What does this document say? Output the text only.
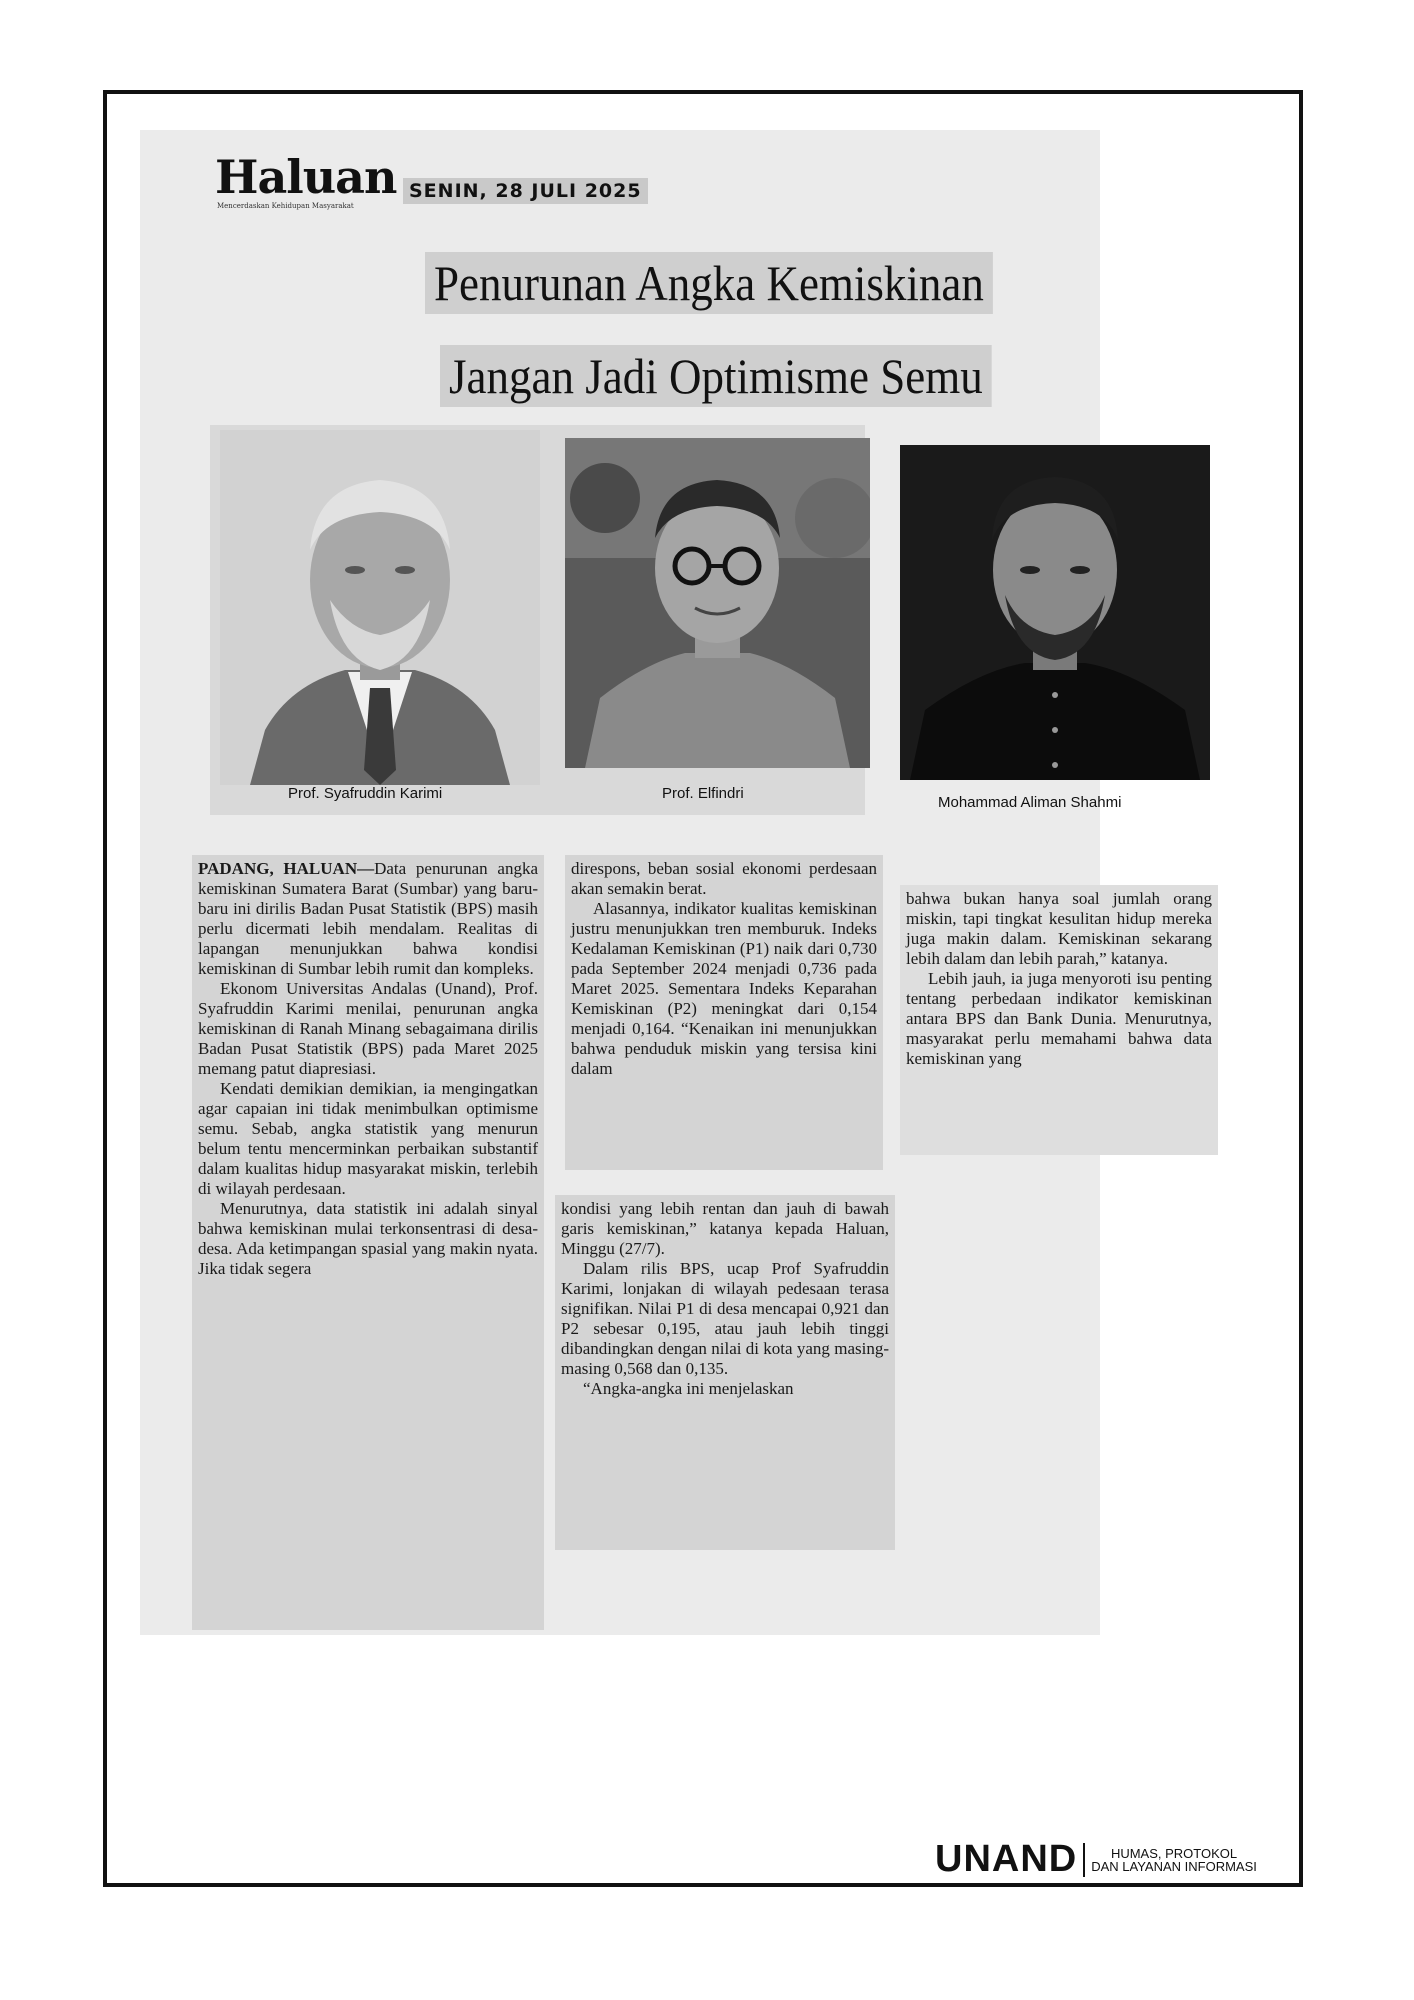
Haluan
Mencerdaskan Kehidupan Masyarakat
SENIN, 28 JULI 2025
Penurunan Angka Kemiskinan
Jangan Jadi Optimisme Semu
Prof. Syafruddin Karimi	Prof. Elfindri
Mohammad Aliman Shahmi

PADANG, HALUAN—Data penurunan angka kemiskinan Sumatera Barat (Sumbar) yang baru-baru ini dirilis Badan Pusat Statistik (BPS) masih perlu dicermati lebih mendalam. Realitas di lapangan menunjukkan bahwa kondisi kemiskinan di Sumbar lebih rumit dan kompleks.

Ekonom Universitas Andalas (Unand), Prof. Syafruddin Karimi menilai, penurunan angka kemiskinan di Ranah Minang sebagaimana dirilis Badan Pusat Statistik (BPS) pada Maret 2025 memang patut diapresiasi.

Kendati demikian demikian, ia mengingatkan agar capaian ini tidak menimbulkan optimisme semu. Sebab, angka statistik yang menurun belum tentu mencerminkan perbaikan substantif dalam kualitas hidup masyarakat miskin, terlebih di wilayah perdesaan.

Menurutnya, data statistik ini adalah sinyal bahwa kemiskinan mulai terkonsentrasi di desa-desa. Ada ketimpangan spasial yang makin nyata. Jika tidak segera

direspons, beban sosial ekonomi perdesaan akan semakin berat.

Alasannya, indikator kualitas kemiskinan justru menunjukkan tren memburuk. Indeks Kedalaman Kemiskinan (P1) naik dari 0,730 pada September 2024 menjadi 0,736 pada Maret 2025. Sementara Indeks Keparahan Kemiskinan (P2) meningkat dari 0,154 menjadi 0,164. “Kenaikan ini menunjukkan bahwa penduduk miskin yang tersisa kini dalam

kondisi yang lebih rentan dan jauh di bawah garis kemiskinan,” katanya kepada Haluan, Minggu (27/7).

Dalam rilis BPS, ucap Prof Syafruddin Karimi, lonjakan di wilayah pedesaan terasa signifikan. Nilai P1 di desa mencapai 0,921 dan P2 sebesar 0,195, atau jauh lebih tinggi dibandingkan dengan nilai di kota yang masing-masing 0,568 dan 0,135.

“Angka-angka ini menjelaskan

bahwa bukan hanya soal jumlah orang miskin, tapi tingkat kesulitan hidup mereka juga makin dalam. Kemiskinan sekarang lebih dalam dan lebih parah,” katanya.

Lebih jauh, ia juga menyoroti isu penting tentang perbedaan indikator kemiskinan antara BPS dan Bank Dunia. Menurutnya, masyarakat perlu memahami bahwa data kemiskinan yang

UNAND	HUMAS, PROTOKOL
DAN LAYANAN INFORMASI
